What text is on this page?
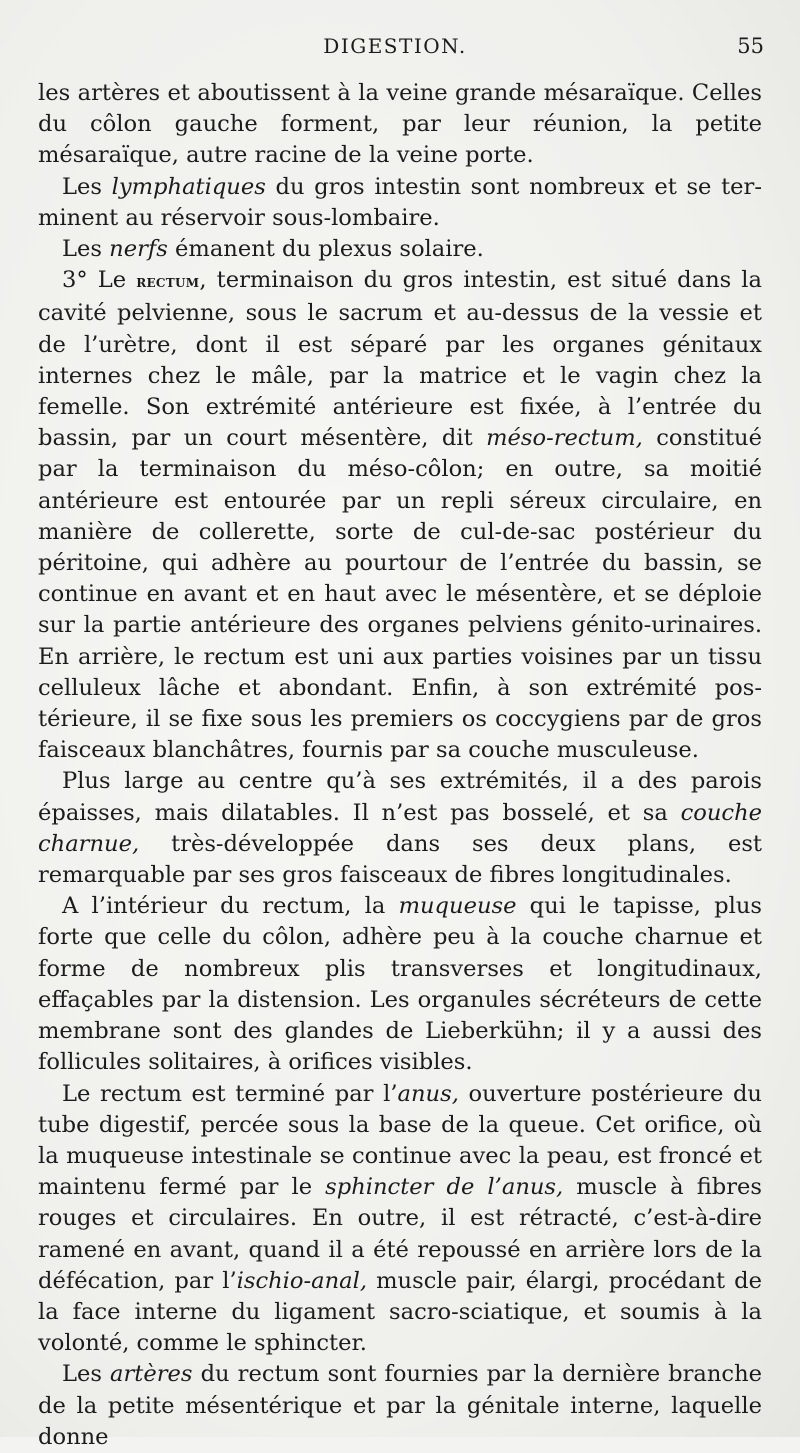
DIGESTION.	55

les artères et aboutissent à la veine grande mésaraïque. Celles du côlon gauche forment, par leur réunion, la petite mésaraïque, autre racine de la veine porte.

Les lymphatiques du gros intestin sont nombreux et se terminent au réservoir sous-lombaire.

Les nerfs émanent du plexus solaire.

3° Le rectum, terminaison du gros intestin, est situé dans la cavité pelvienne, sous le sacrum et au-dessus de la vessie et de l’urètre, dont il est séparé par les organes génitaux internes chez le mâle, par la matrice et le vagin chez la femelle. Son extrémité antérieure est fixée, à l’entrée du bassin, par un court mésentère, dit méso-rectum, constitué par la terminaison du méso-côlon; en outre, sa moitié antérieure est entourée par un repli séreux circulaire, en manière de collerette, sorte de cul-de-sac postérieur du péritoine, qui adhère au pourtour de l’entrée du bassin, se continue en avant et en haut avec le mésentère, et se déploie sur la partie antérieure des organes pelviens génito-urinaires. En arrière, le rectum est uni aux parties voisines par un tissu celluleux lâche et abondant. Enfin, à son extrémité postérieure, il se fixe sous les premiers os coccygiens par de gros faisceaux blanchâtres, fournis par sa couche musculeuse.

Plus large au centre qu’à ses extrémités, il a des parois épaisses, mais dilatables. Il n’est pas bosselé, et sa couche charnue, très-développée dans ses deux plans, est remarquable par ses gros faisceaux de fibres longitudinales.

A l’intérieur du rectum, la muqueuse qui le tapisse, plus forte que celle du côlon, adhère peu à la couche charnue et forme de nombreux plis transverses et longitudinaux, effaçables par la distension. Les organules sécréteurs de cette membrane sont des glandes de Lieberkühn; il y a aussi des follicules solitaires, à orifices visibles.

Le rectum est terminé par l’anus, ouverture postérieure du tube digestif, percée sous la base de la queue. Cet orifice, où la muqueuse intestinale se continue avec la peau, est froncé et maintenu fermé par le sphincter de l’anus, muscle à fibres rouges et circulaires. En outre, il est rétracté, c’est-à-dire ramené en avant, quand il a été repoussé en arrière lors de la défécation, par l’ischio-anal, muscle pair, élargi, procédant de la face interne du ligament sacro-sciatique, et soumis à la volonté, comme le sphincter.

Les artères du rectum sont fournies par la dernière branche de la petite mésentérique et par la génitale interne, laquelle donne
